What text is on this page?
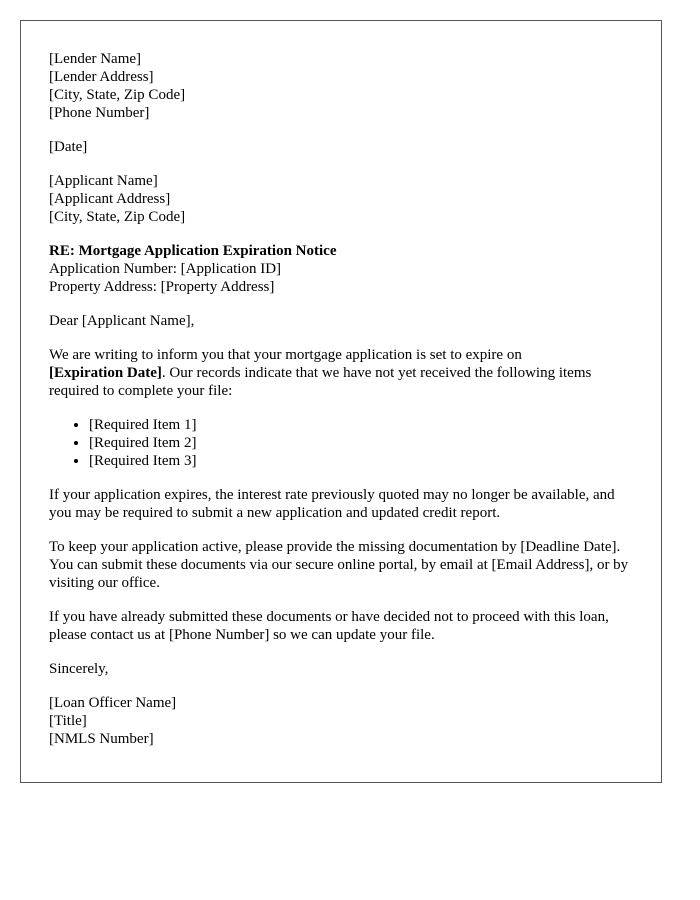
[Lender Name]
[Lender Address]
[City, State, Zip Code]
[Phone Number]
[Date]
[Applicant Name]
[Applicant Address]
[City, State, Zip Code]
RE: Mortgage Application Expiration Notice
Application Number: [Application ID]
Property Address: [Property Address]
Dear [Applicant Name],

We are writing to inform you that your mortgage application is set to expire on
[Expiration Date]. Our records indicate that we have not yet received the following items required to complete your file:

• [Required Item 1]
• [Required Item 2]
• [Required Item 3]

If your application expires, the interest rate previously quoted may no longer be available, and you may be required to submit a new application and updated credit report.

To keep your application active, please provide the missing documentation by [Deadline Date]. You can submit these documents via our secure online portal, by email at [Email Address], or by visiting our office.

If you have already submitted these documents or have decided not to proceed with this loan, please contact us at [Phone Number] so we can update your file.

Sincerely,
[Loan Officer Name]
[Title]
[NMLS Number]
